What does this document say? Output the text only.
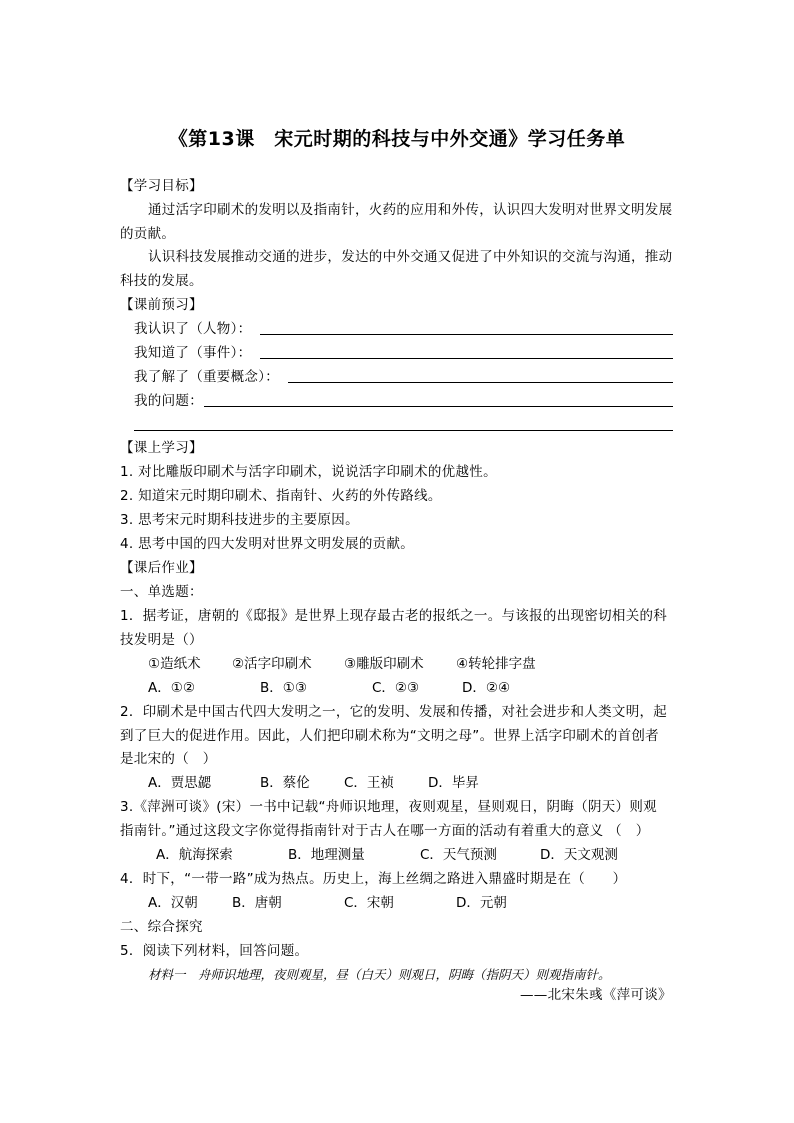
《第13课　宋元时期的科技与中外交通》学习任务单
【学习目标】
通过活字印刷术的发明以及指南针，火药的应用和外传，认识四大发明对世界文明发展
的贡献。
认识科技发展推动交通的进步，发达的中外交通又促进了中外知识的交流与沟通，推动
科技的发展。
【课前预习】
我认识了（人物）：
我知道了（事件）：
我了解了（重要概念）：
我的问题：
【课上学习】
1. 对比雕版印刷术与活字印刷术，说说活字印刷术的优越性。
2. 知道宋元时期印刷术、指南针、火药的外传路线。
3. 思考宋元时期科技进步的主要原因。
4. 思考中国的四大发明对世界文明发展的贡献。
【课后作业】
一、单选题：
1．据考证，唐朝的《邸报》是世界上现存最古老的报纸之一。与该报的出现密切相关的科
技发明是（）
①造纸术 ②活字印刷术 ③雕版印刷术 ④转轮排字盘
A．①②	B．①③	C．②③	D．②④
2．印刷术是中国古代四大发明之一，它的发明、发展和传播，对社会进步和人类文明，起
到了巨大的促进作用。因此，人们把印刷术称为“文明之母”。世界上活字印刷术的首创者
是北宋的（　）
A．贾思勰	B．蔡伦	C．王祯	D．毕昇
3.《萍洲可谈》(宋）一书中记载“舟师识地理，夜则观星，昼则观日，阴晦（阴天）则观
指南针。”通过这段文字你觉得指南针对于古人在哪一方面的活动有着重大的意义 （　）
A．航海探索	B．地理测量	C．天气预测	D．天文观测
4．时下，“一带一路”成为热点。历史上，海上丝绸之路进入鼎盛时期是在（　　）
A．汉朝	B．唐朝	C．宋朝	D．元朝
二、综合探究
5．阅读下列材料，回答问题。
材料一　舟师识地理，夜则观星，昼（白天）则观日，阴晦（指阴天）则观指南针。
——北宋朱彧《萍可谈》
